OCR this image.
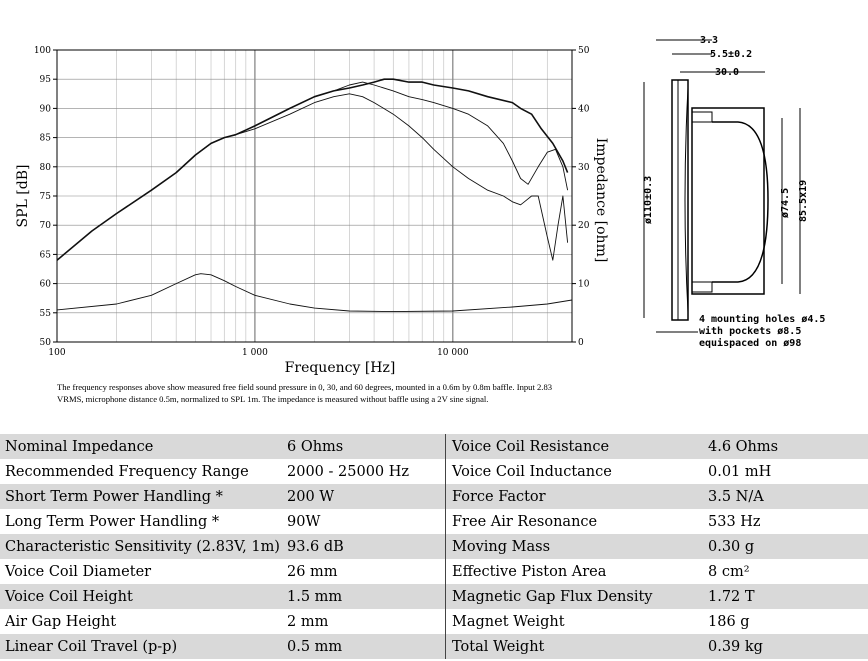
100
95
90
85
80
75
70
65
60
55
50
50
40
30
20
10
0
100	1 000	10 000
Frequency [Hz]
SPL [dB]	Impedance [ohm]
3.3
5.5±0.2
30.0
ø110±0.3	ø74.5 85.5x19
4 mounting holes ø4.5
with pockets ø8.5
equispaced on ø98
The frequency responses above show measured free field sound pressure in 0, 30, and 60 degrees, mounted in a 0.6m by 0.8m baffle. Input 2.83 VRMS, microphone distance 0.5m, normalized to SPL 1m. The impedance is measured without baffle using a 2V sine signal.
Nominal Impedance	6 Ohms	Voice Coil Resistance	4.6 Ohms
Recommended Frequency Range	2000 - 25000 Hz	Voice Coil Inductance	0.01 mH
Short Term Power Handling *	200 W	Force Factor	3.5 N/A
Long Term Power Handling *	90W	Free Air Resonance	533 Hz
Characteristic Sensitivity (2.83V, 1m)	93.6 dB	Moving Mass	0.30 g
Voice Coil Diameter	26 mm	Effective Piston Area	8 cm²
Voice Coil Height	1.5 mm	Magnetic Gap Flux Density	1.72 T
Air Gap Height	2 mm	Magnet Weight	186 g
Linear Coil Travel (p-p)	0.5 mm	Total Weight	0.39 kg
